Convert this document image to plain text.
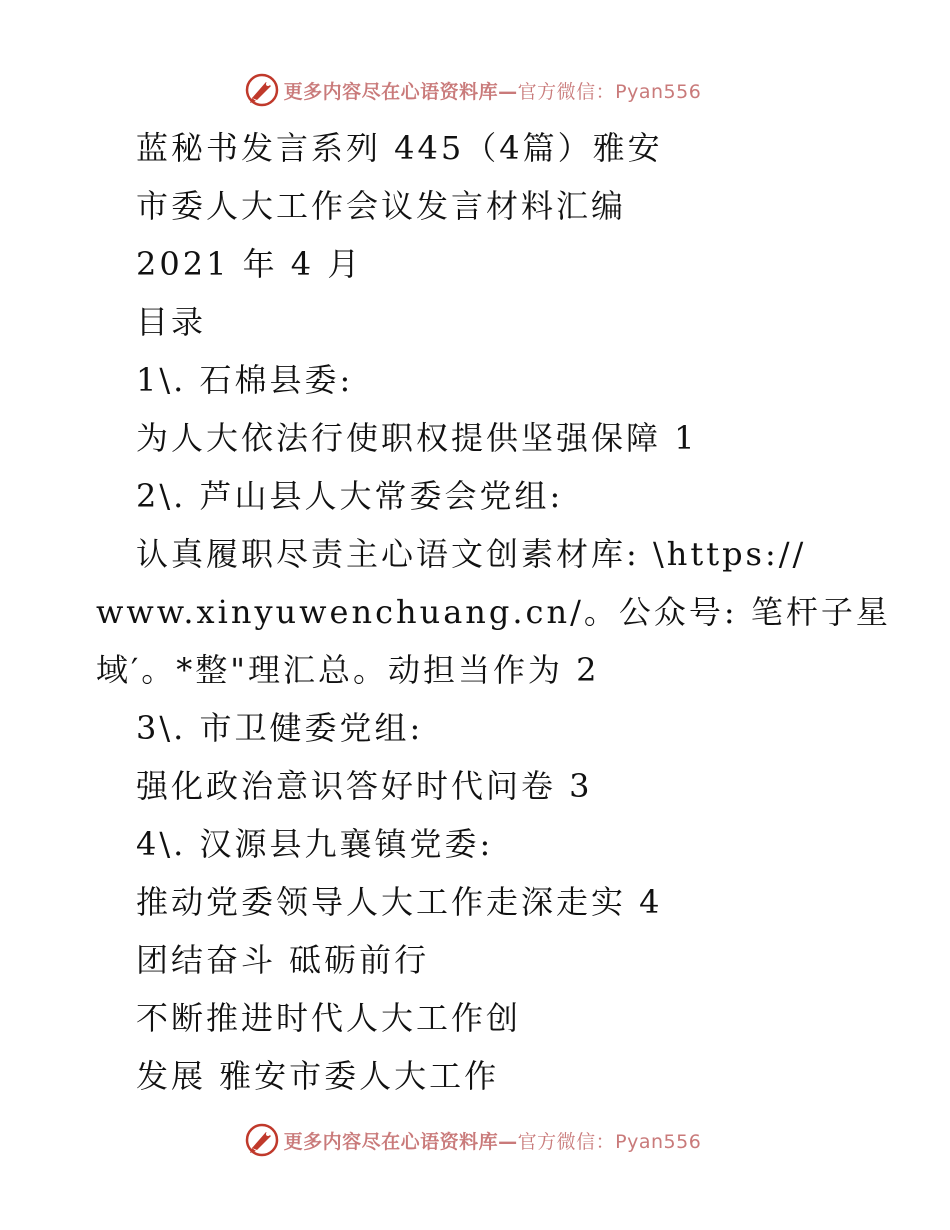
更多内容尽在心语资料库—官方微信：Pyan556
蓝秘书发言系列 445（4篇）雅安
市委人大工作会议发言材料汇编
2021 年 4 月
目录
1\. 石棉县委:
为人大依法行使职权提供坚强保障 1
2\. 芦山县人大常委会党组:
认真履职尽责主心语文创素材库: \https://
www.xinyuwenchuang.cn/。公众号: 笔杆子星
域′。*整"理汇总。动担当作为 2
3\. 市卫健委党组:
强化政治意识答好时代问卷 3
4\. 汉源县九襄镇党委:
推动党委领导人大工作走深走实 4
团结奋斗 砥砺前行
不断推进时代人大工作创
发展 雅安市委人大工作
更多内容尽在心语资料库—官方微信：Pyan556
